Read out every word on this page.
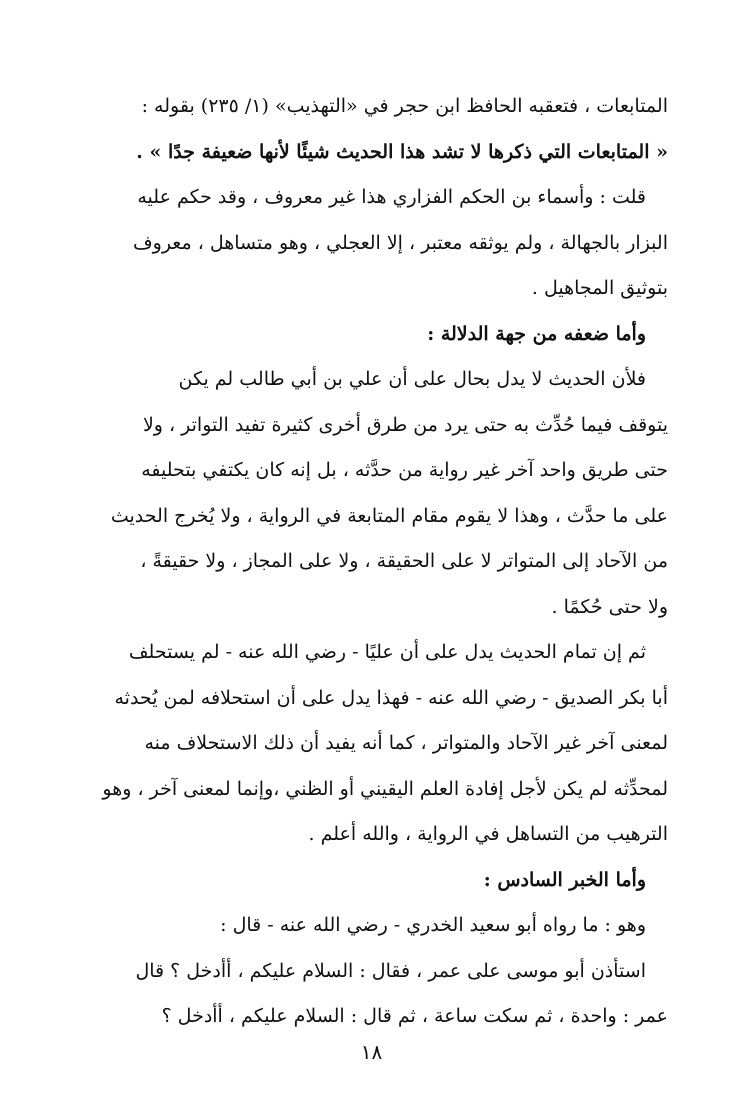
المتابعات ، فتعقبه الحافظ ابن حجر في «التهذيب» (١/ ٢٣٥) بقوله :
« المتابعات التي ذكرها لا تشد هذا الحديث شيئًا لأنها ضعيفة جدًا » .
قلت : وأسماء بن الحكم الفزاري هذا غير معروف ، وقد حكم عليه
البزار بالجهالة ، ولم يوثقه معتبر ، إلا العجلي ، وهو متساهل ، معروف
بتوثيق المجاهيل .
وأما ضعفه من جهة الدلالة :
فلأن الحديث لا يدل بحال على أن علي بن أبي طالب لم يكن
يتوقف فيما حُدِّث به حتى يرد من طرق أخرى كثيرة تفيد التواتر ، ولا
حتى طريق واحد آخر غير رواية من حدَّثه ، بل إنه كان يكتفي بتحليفه
على ما حدَّث ، وهذا لا يقوم مقام المتابعة في الرواية ، ولا يُخرج الحديث
من الآحاد إلى المتواتر لا على الحقيقة ، ولا على المجاز ، ولا حقيقةً ،
ولا حتى حُكمًا .
ثم إن تمام الحديث يدل على أن عليًا - رضي الله عنه - لم يستحلف
أبا بكر الصديق - رضي الله عنه - فهذا يدل على أن استحلافه لمن يُحدثه
لمعنى آخر غير الآحاد والمتواتر ، كما أنه يفيد أن ذلك الاستحلاف منه
لمحدِّثه لم يكن لأجل إفادة العلم اليقيني أو الظني ،وإنما لمعنى آخر ، وهو
الترهيب من التساهل في الرواية ، والله أعلم .
وأما الخبر السادس :
وهو : ما رواه أبو سعيد الخدري - رضي الله عنه - قال :
استأذن أبو موسى على عمر ، فقال : السلام عليكم ، أأدخل ؟ قال
عمر : واحدة ، ثم سكت ساعة ، ثم قال : السلام عليكم ، أأدخل ؟
١٨
